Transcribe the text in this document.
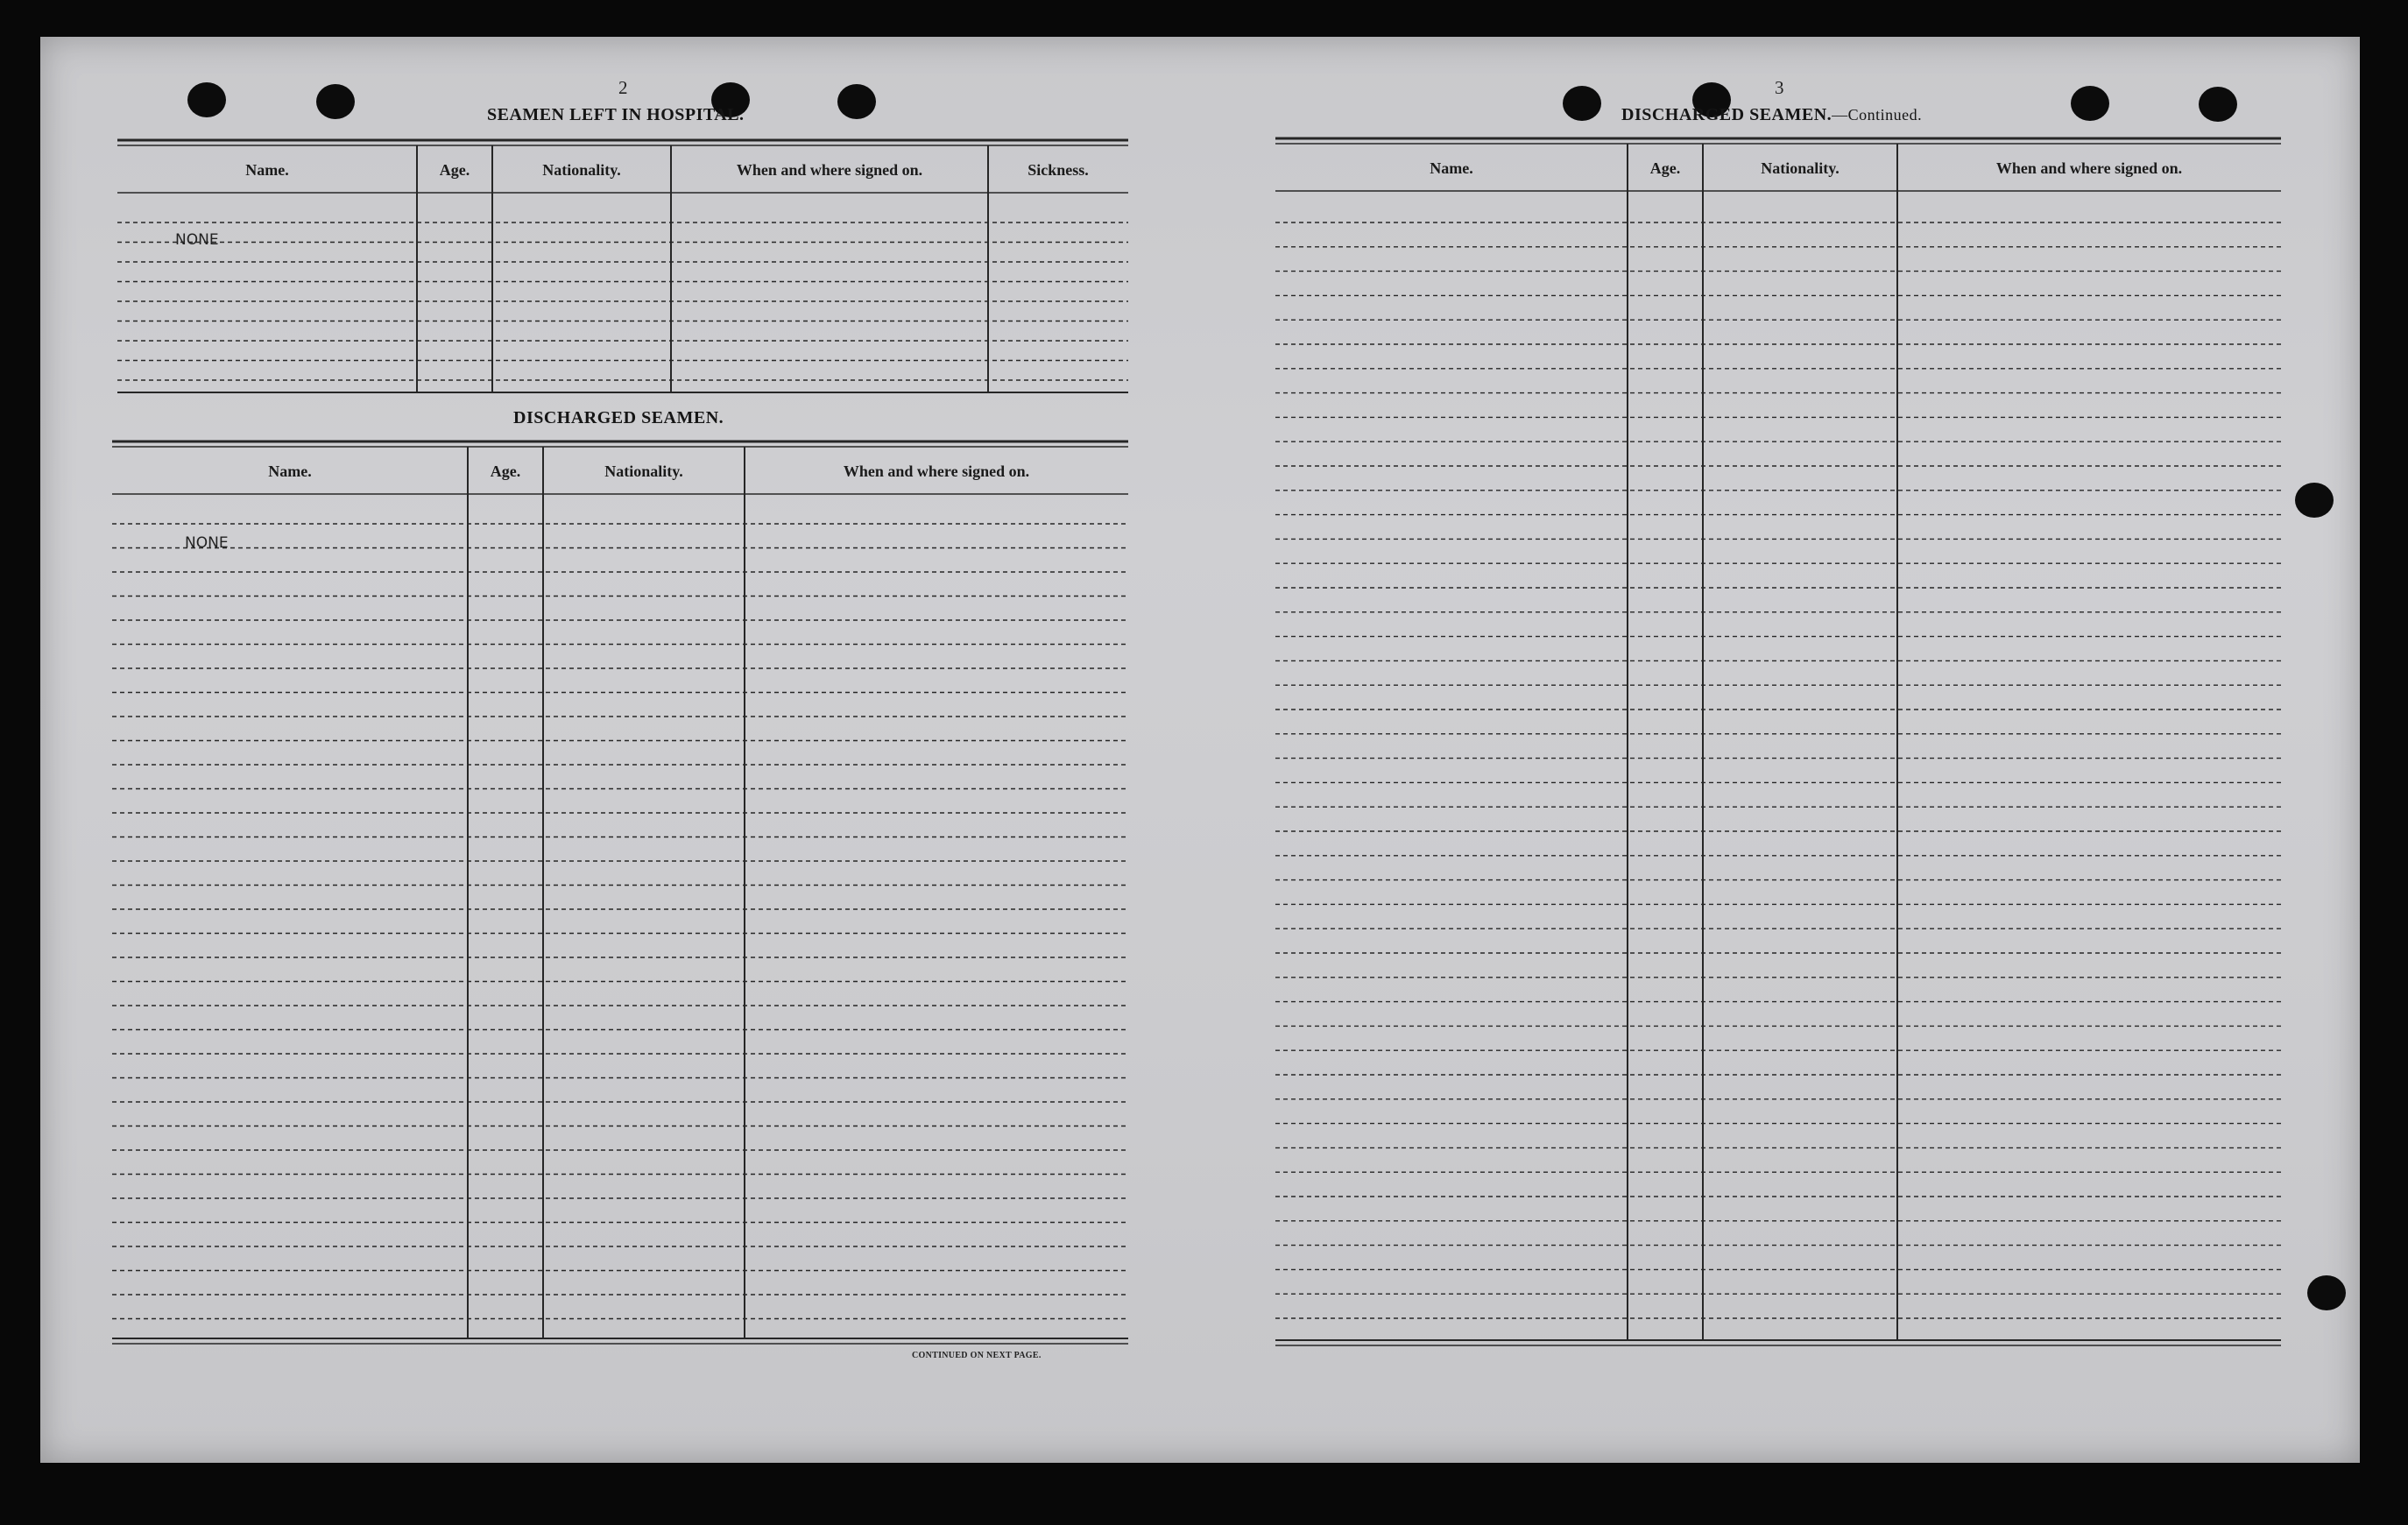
2	3
SEAMEN LEFT IN HOSPITAL.
DISCHARGED SEAMEN.
DISCHARGED SEAMEN.—Continued.
NONE
NONE
CONTINUED ON NEXT PAGE.
Name.	Age.	Nationality.	When and where signed on.	Sickness.
Name.	Age.	Nationality.	When and where signed on.
Name.	Age.	Nationality.	When and where signed on.
